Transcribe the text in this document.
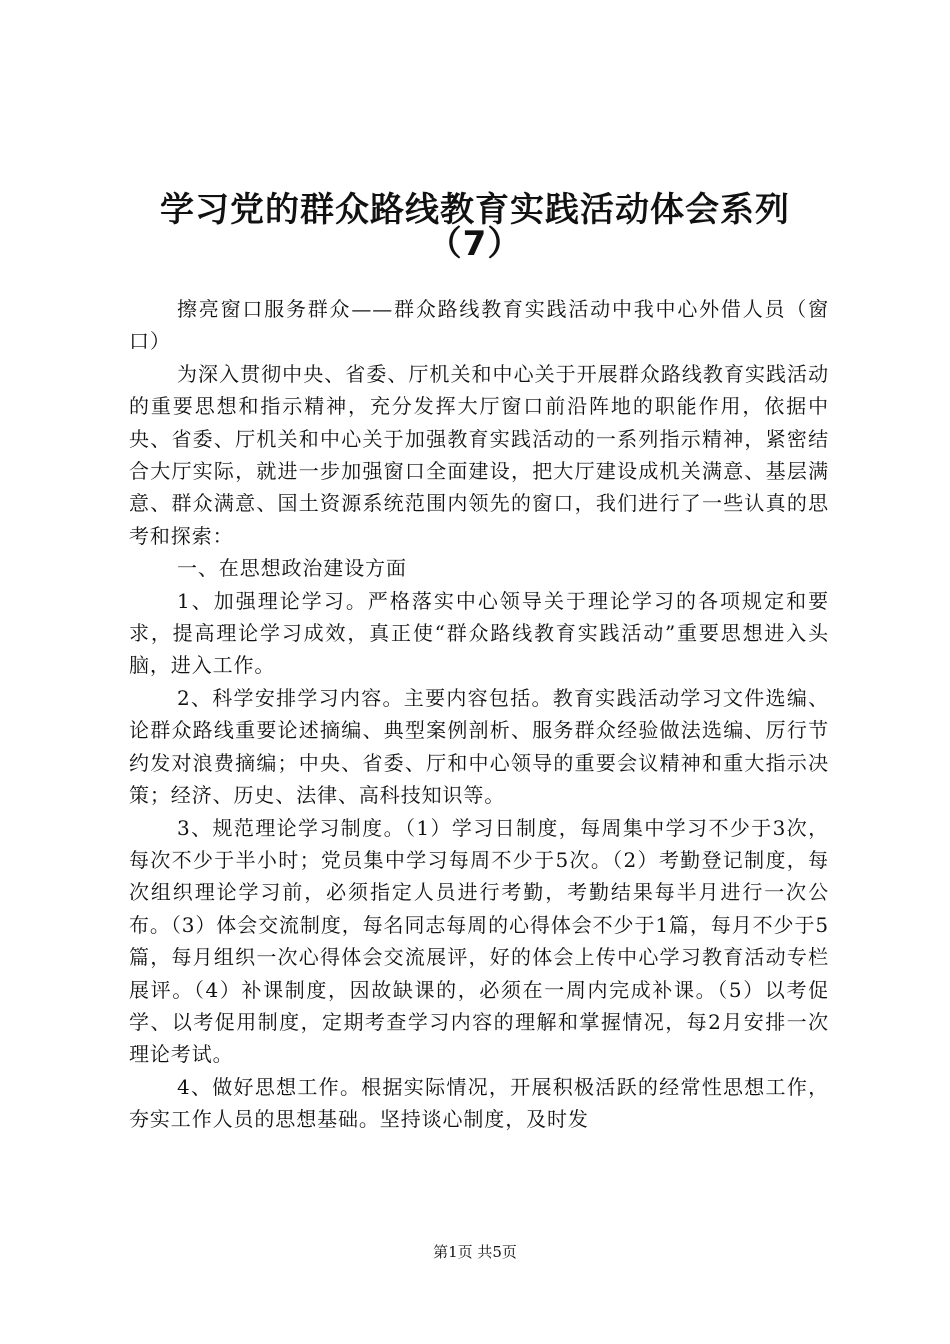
学习党的群众路线教育实践活动体会系列
（7）

擦亮窗口服务群众——群众路线教育实践活动中我中心外借人员（窗口）

为深入贯彻中央、省委、厅机关和中心关于开展群众路线教育实践活动的重要思想和指示精神，充分发挥大厅窗口前沿阵地的职能作用，依据中央、省委、厅机关和中心关于加强教育实践活动的一系列指示精神，紧密结合大厅实际，就进一步加强窗口全面建设，把大厅建设成机关满意、基层满意、群众满意、国土资源系统范围内领先的窗口，我们进行了一些认真的思考和探索：

一、在思想政治建设方面

1、加强理论学习。严格落实中心领导关于理论学习的各项规定和要求，提高理论学习成效，真正使“群众路线教育实践活动”重要思想进入头脑，进入工作。

2、科学安排学习内容。主要内容包括。教育实践活动学习文件选编、论群众路线重要论述摘编、典型案例剖析、服务群众经验做法选编、厉行节约发对浪费摘编；中央、省委、厅和中心领导的重要会议精神和重大指示决策；经济、历史、法律、高科技知识等。

3、规范理论学习制度。（1）学习日制度，每周集中学习不少于3次，每次不少于半小时；党员集中学习每周不少于5次。（2）考勤登记制度，每次组织理论学习前，必须指定人员进行考勤，考勤结果每半月进行一次公布。（3）体会交流制度，每名同志每周的心得体会不少于1篇，每月不少于5篇，每月组织一次心得体会交流展评，好的体会上传中心学习教育活动专栏展评。（4）补课制度，因故缺课的，必须在一周内完成补课。（5）以考促学、以考促用制度，定期考查学习内容的理解和掌握情况，每2月安排一次理论考试。

4、做好思想工作。根据实际情况，开展积极活跃的经常性思想工作，夯实工作人员的思想基础。坚持谈心制度，及时发

第1页 共5页
